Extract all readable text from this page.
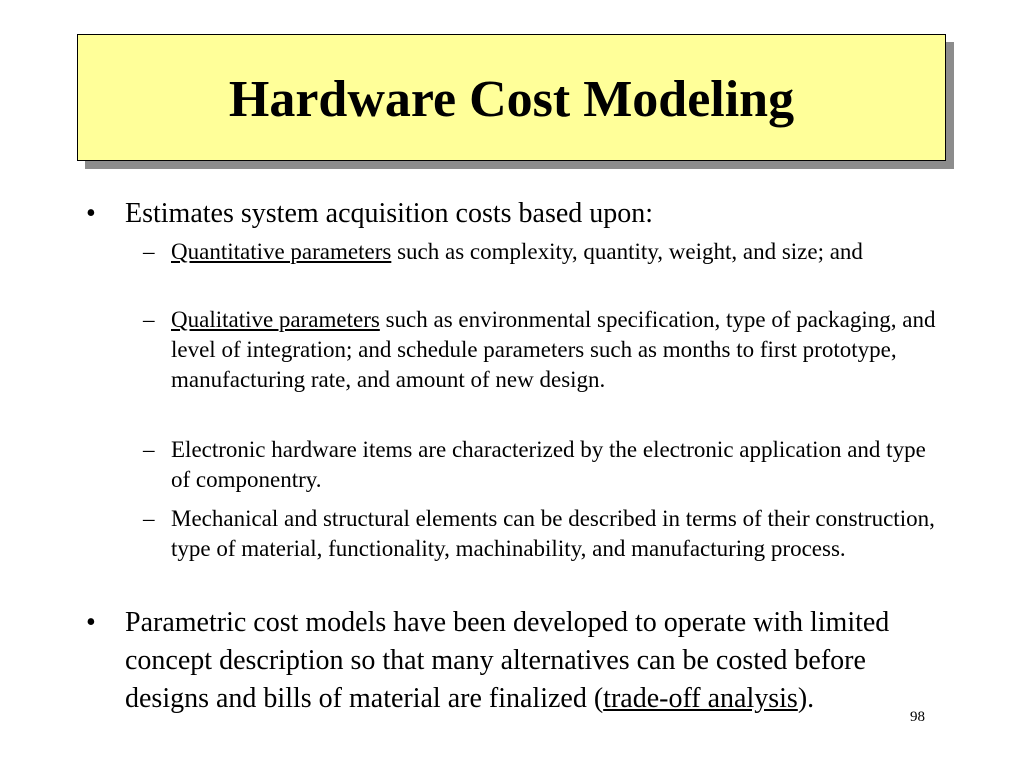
Hardware Cost Modeling
• Estimates system acquisition costs based upon:
– Quantitative parameters such as complexity, quantity, weight, and size; and
– Qualitative parameters such as environmental specification, type of packaging, and level of integration; and schedule parameters such as months to first prototype, manufacturing rate, and amount of new design.
– Electronic hardware items are characterized by the electronic application and type of componentry.
– Mechanical and structural elements can be described in terms of their construction, type of material, functionality, machinability, and manufacturing process.
• Parametric cost models have been developed to operate with limited concept description so that many alternatives can be costed before designs and bills of material are finalized (trade-off analysis).
98
